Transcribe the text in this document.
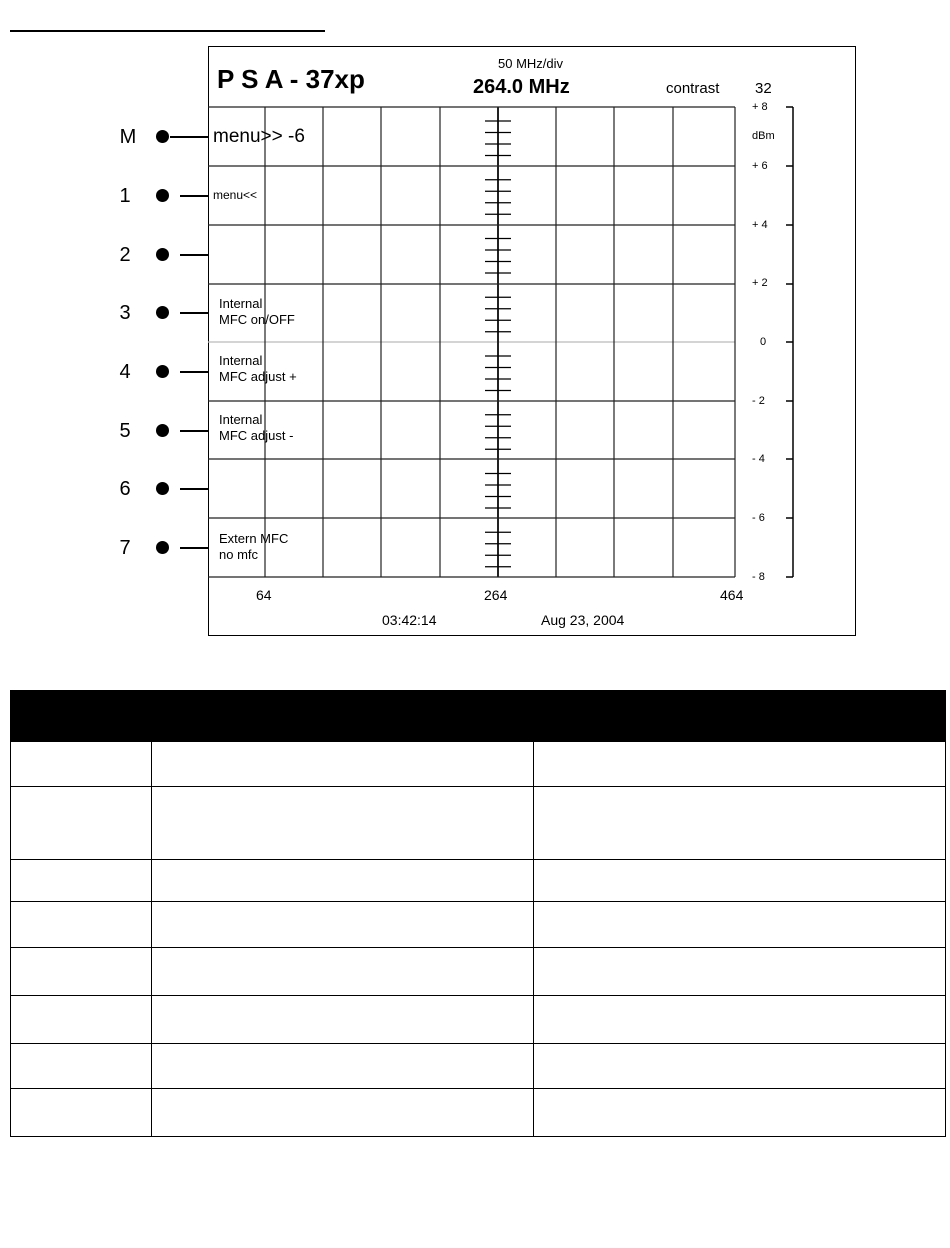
M
1
2
3
4
5
6
7
P S A - 37xp
50 MHz/div
264.0 MHz	contrast 32
+ 8
dBm
+ 6
+ 4
+ 2
0
- 2
- 4
- 6
- 8
64	264	464
03:42:14	Aug 23, 2004
menu>> -6
menu<<
Internal
MFC on/OFF
Internal
MFC adjust +
Internal
MFC adjust -
Extern MFC
no mfc
